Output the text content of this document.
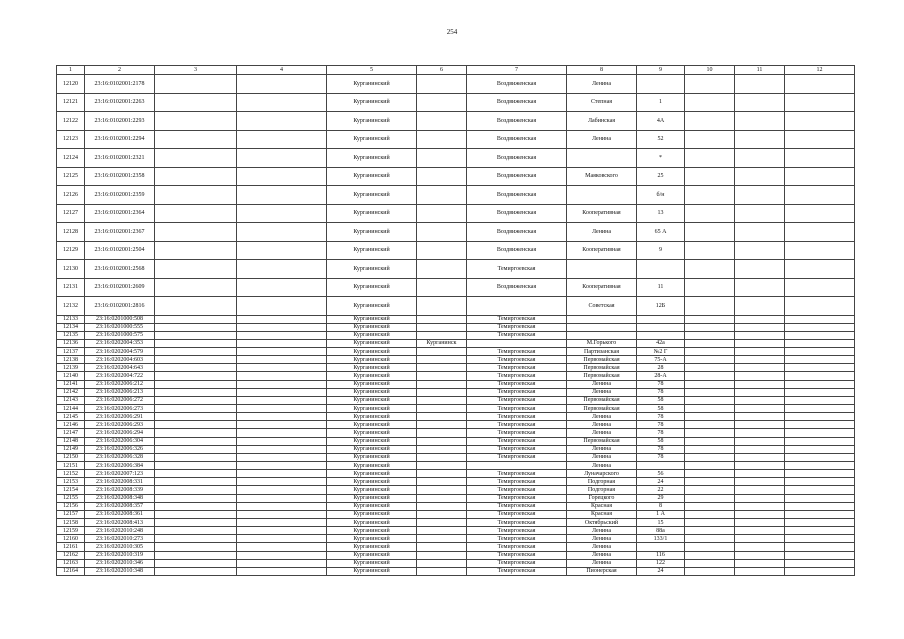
254
1	2	3	4	5	6	7	8	9	10	11	12
12120	23:16:0102001:2178			Курганинский		Воздвиженская	Ленина				
12121	23:16:0102001:2263			Курганинский		Воздвиженская	Степная	1			
12122	23:16:0102001:2293			Курганинский		Воздвиженская	Лабинская	4А			
12123	23:16:0102001:2294			Курганинский		Воздвиженская	Ленина	52			
12124	23:16:0102001:2321			Курганинский		Воздвиженская		*			
12125	23:16:0102001:2358			Курганинский		Воздвиженская	Маяковского	25			
12126	23:16:0102001:2359			Курганинский		Воздвиженская		б/н			
12127	23:16:0102001:2364			Курганинский		Воздвиженская	Кооперативная	13			
12128	23:16:0102001:2367			Курганинский		Воздвиженская	Ленина	65 А			
12129	23:16:0102001:2504			Курганинский		Воздвиженская	Кооперативная	9			
12130	23:16:0102001:2568			Курганинский		Темиргоевская					
12131	23:16:0102001:2609			Курганинский		Воздвиженская	Кооперативная	11			
12132	23:16:0102001:2816			Курганинский			Советская	12Б			
12133	23:16:0201000:508			Курганинский		Темиргоевская					
12134	23:16:0201000:555			Курганинский		Темиргоевская					
12135	23:16:0201000:575			Курганинский		Темиргоевская					
12136	23:16:0202004:353			Курганинский	Курганинск		М.Горького	42а			
12137	23:16:0202004:579			Курганинский		Темиргоевская	Партизанская	№2 Г			
12138	23:16:0202004:603			Курганинский		Темиргоевская	Первомайская	75-А			
12139	23:16:0202004:643			Курганинский		Темиргоевская	Первомайская	28			
12140	23:16:0202004:722			Курганинский		Темиргоевская	Первомайская	28-А			
12141	23:16:0202006:212			Курганинский		Темиргоевская	Ленина	78			
12142	23:16:0202006:213			Курганинский		Темиргоевская	Ленина	78			
12143	23:16:0202006:272			Курганинский		Темиргоевская	Первомайская	58			
12144	23:16:0202006:273			Курганинский		Темиргоевская	Первомайская	58			
12145	23:16:0202006:291			Курганинский		Темиргоевская	Ленина	78			
12146	23:16:0202006:293			Курганинский		Темиргоевская	Ленина	78			
12147	23:16:0202006:294			Курганинский		Темиргоевская	Ленина	78			
12148	23:16:0202006:304			Курганинский		Темиргоевская	Первомайская	58			
12149	23:16:0202006:326			Курганинский		Темиргоевская	Ленина	78			
12150	23:16:0202006:328			Курганинский		Темиргоевская	Ленина	78			
12151	23:16:0202006:384			Курганинский			Ленина				
12152	23:16:0202007:123			Курганинский		Темиргоевская	Луначарского	56			
12153	23:16:0202008:331			Курганинский		Темиргоевская	Подгорная	24			
12154	23:16:0202008:339			Курганинский		Темиргоевская	Подгорная	22			
12155	23:16:0202008:348			Курганинский		Темиргоевская	Горецкого	29			
12156	23:16:0202008:357			Курганинский		Темиргоевская	Красная	8			
12157	23:16:0202008:361			Курганинский		Темиргоевская	Красная	1 А			
12158	23:16:0202008:413			Курганинский		Темиргоевская	Октябрьский	15			
12159	23:16:0202010:248			Курганинский		Темиргоевская	Ленина	88а			
12160	23:16:0202010:273			Курганинский		Темиргоевская	Ленина	133/1			
12161	23:16:0202010:305			Курганинский		Темиргоевская	Ленина				
12162	23:16:0202010:319			Курганинский		Темиргоевская	Ленина	116			
12163	23:16:0202010:346			Курганинский		Темиргоевская	Ленина	122			
12164	23:16:0202010:348			Курганинский		Темиргоевская	Пионерская	24			
